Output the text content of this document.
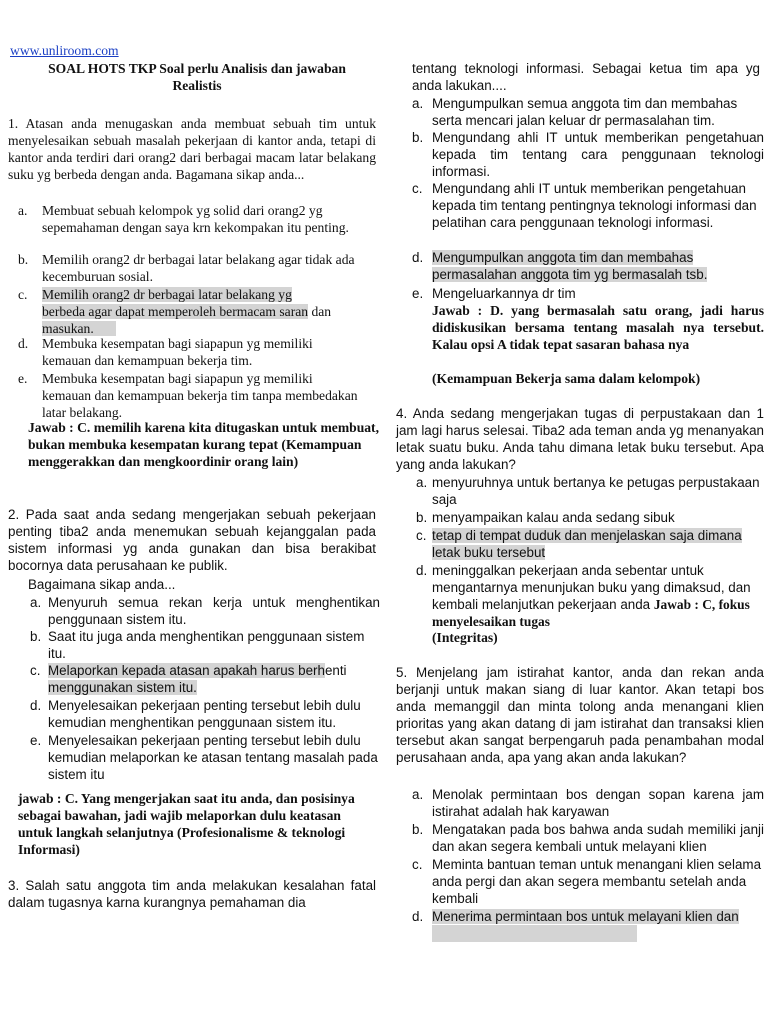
www.unliroom.com
SOAL HOTS TKP Soal perlu Analisis dan jawaban
Realistis

1. Atasan anda menugaskan anda membuat sebuah tim untuk menyelesaikan sebuah masalah pekerjaan di kantor anda, tetapi di kantor anda terdiri dari orang2 dari berbagai macam latar belakang suku yg berbeda dengan anda. Bagamana sikap anda...

a. Membuat sebuah kelompok yg solid dari orang2 yg sepemahaman dengan saya krn kekompakan itu penting.

b. Memilih orang2 dr berbagai latar belakang agar tidak ada kecemburuan sosial.

c. Memilih orang2 dr berbagai latar belakang yg
berbeda agar dapat memperoleh bermacam saran dan
masukan.
d. Membuka kesempatan bagi siapapun yg memiliki kemauan dan kemampuan bekerja tim.

e. Membuka kesempatan bagi siapapun yg memiliki kemauan dan kemampuan bekerja tim tanpa membedakan latar belakang.

Jawab : C. memilih karena kita ditugaskan untuk membuat, bukan membuka kesempatan kurang tepat (Kemampuan menggerakkan dan mengkoordinir orang lain)

2. Pada saat anda sedang mengerjakan sebuah pekerjaan penting tiba2 anda menemukan sebuah kejanggalan pada sistem informasi yg anda gunakan dan bisa berakibat bocornya data perusahaan ke publik.

Bagaimana sikap anda...

a. Menyuruh semua rekan kerja untuk menghentikan penggunaan sistem itu.

b. Saat itu juga anda menghentikan penggunaan sistem itu.

c. Melaporkan kepada atasan apakah harus berhenti
menggunakan sistem itu.
d. Menyelesaikan pekerjaan penting tersebut lebih dulu kemudian menghentikan penggunaan sistem itu.

e. Menyelesaikan pekerjaan penting tersebut lebih dulu kemudian melaporkan ke atasan tentang masalah pada sistem itu

jawab : C. Yang mengerjakan saat itu anda, dan posisinya sebagai bawahan, jadi wajib melaporkan dulu keatasan untuk langkah selanjutnya (Profesionalisme & teknologi Informasi)

3. Salah satu anggota tim anda melakukan kesalahan fatal dalam tugasnya karna kurangnya pemahaman dia

tentang teknologi informasi. Sebagai ketua tim apa yg anda lakukan....

a. Mengumpulkan semua anggota tim dan membahas serta mencari jalan keluar dr permasalahan tim.

b. Mengundang ahli IT untuk memberikan pengetahuan kepada tim tentang cara penggunaan teknologi informasi.

c. Mengundang ahli IT untuk memberikan pengetahuan kepada tim tentang pentingnya teknologi informasi dan pelatihan cara penggunaan teknologi informasi.

d. Mengumpulkan anggota tim dan membahas
permasalahan anggota tim yg bermasalah tsb.
e. Mengeluarkannya dr tim

Jawab : D. yang bermasalah satu orang, jadi harus didiskusikan bersama tentang masalah nya tersebut. Kalau opsi A tidak tepat sasaran bahasa nya

(Kemampuan Bekerja sama dalam kelompok)

4. Anda sedang mengerjakan tugas di perpustakaan dan 1 jam lagi harus selesai. Tiba2 ada teman anda yg menanyakan letak suatu buku. Anda tahu dimana letak buku tersebut. Apa yang anda lakukan?

a. menyuruhnya untuk bertanya ke petugas perpustakaan saja

b. menyampaikan kalau anda sedang sibuk

c. tetap di tempat duduk dan menjelaskan saja dimana
letak buku tersebut
d. meninggalkan pekerjaan anda sebentar untuk mengantarnya menunjukan buku yang dimaksud, dan kembali melanjutkan pekerjaan anda Jawab : C, fokus menyelesaikan tugas

(Integritas)

5. Menjelang jam istirahat kantor, anda dan rekan anda berjanji untuk makan siang di luar kantor. Akan tetapi bos anda memanggil dan minta tolong anda menangani klien prioritas yang akan datang di jam istirahat dan transaksi klien tersebut akan sangat berpengaruh pada penambahan modal perusahaan anda, apa yang akan anda lakukan?

a. Menolak permintaan bos dengan sopan karena jam istirahat adalah hak karyawan

b. Mengatakan pada bos bahwa anda sudah memiliki janji dan akan segera kembali untuk melayani klien

c. Meminta bantuan teman untuk menangani klien selama anda pergi dan akan segera membantu setelah anda kembali

d. Menerima permintaan bos untuk melayani klien dan
